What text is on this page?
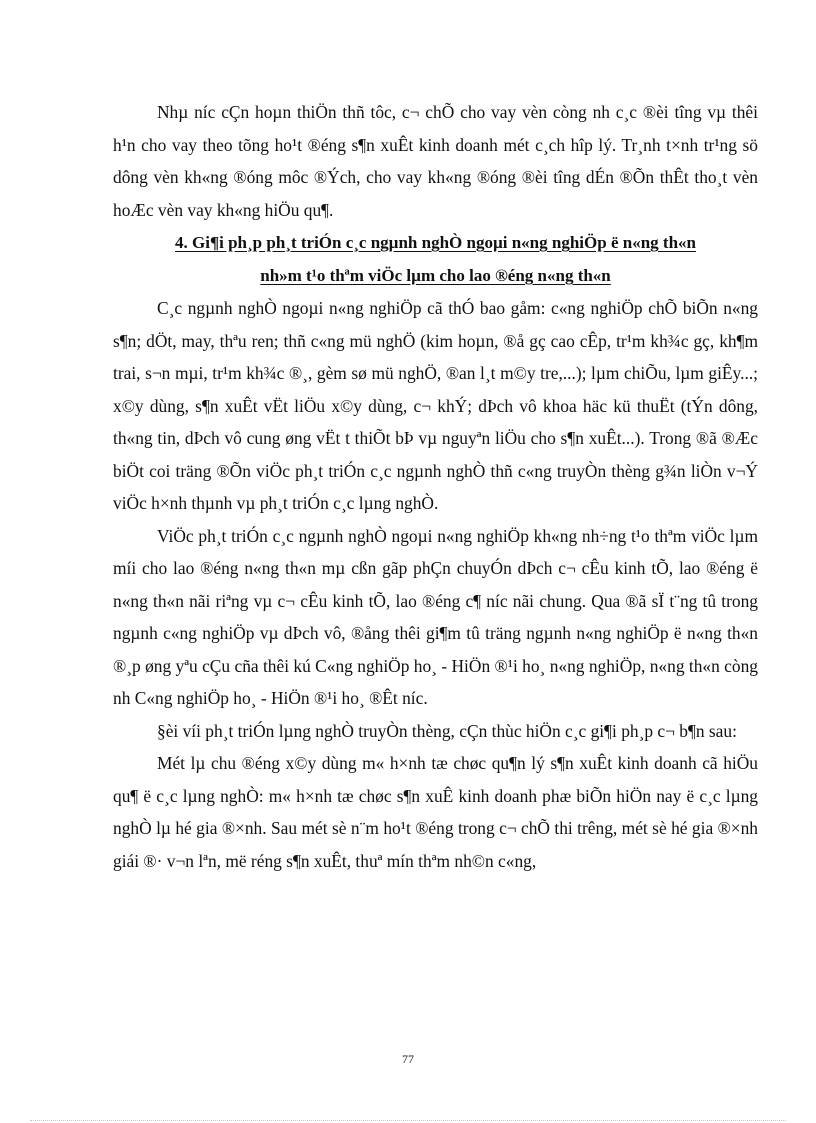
Nhµ níc cÇn hoµn thiÖn thñ tôc, c¬ chÕ cho vay vèn còng nh c¸c ®èi tîng vµ thêi h¹n cho vay theo tõng ho¹t ®éng s¶n xuÊt kinh doanh mét c¸ch hîp lý. Tr¸nh t×nh tr¹ng sö dông vèn kh«ng ®óng môc ®Ých, cho vay kh«ng ®óng ®èi tîng dÉn ®Õn thÊt tho¸t vèn hoÆc vèn vay kh«ng hiÖu qu¶.

4. Gi¶i ph¸p ph¸t triÓn c¸c ngµnh nghÒ ngoµi n«ng nghiÖp ë n«ng th«n
nh»m t¹o thªm viÖc lµm cho lao ®éng n«ng th«n

C¸c ngµnh nghÒ ngoµi n«ng nghiÖp cã thÓ bao gåm: c«ng nghiÖp chÕ biÕn n«ng s¶n; dÖt, may, thªu ren; thñ c«ng mü nghÖ (kim hoµn, ®å gç cao cÊp, tr¹m kh¾c gç, kh¶m trai, s¬n mµi, tr¹m kh¾c ®¸, gèm sø mü nghÖ, ®an l¸t m©y tre,...); lµm chiÕu, lµm giÊy...; x©y dùng, s¶n xuÊt vËt liÖu x©y dùng, c¬ khÝ; dÞch vô khoa häc kü thuËt (tÝn dông, th«ng tin, dÞch vô cung øng vËt t thiÕt bÞ vµ nguyªn liÖu cho s¶n xuÊt...). Trong ®ã ®Æc biÖt coi träng ®Õn viÖc ph¸t triÓn c¸c ngµnh nghÒ thñ c«ng truyÒn thèng g¾n liÒn v¬Ý viÖc h×nh thµnh vµ ph¸t triÓn c¸c lµng nghÒ.

ViÖc ph¸t triÓn c¸c ngµnh nghÒ ngoµi n«ng nghiÖp kh«ng nh÷ng t¹o thªm viÖc lµm míi cho lao ®éng n«ng th«n mµ cßn gãp phÇn chuyÓn dÞch c¬ cÊu kinh tÕ, lao ®éng ë n«ng th«n nãi riªng vµ c¬ cÊu kinh tÕ, lao ®éng c¶ níc nãi chung. Qua ®ã sÏ t¨ng tû trong ngµnh c«ng nghiÖp vµ dÞch vô, ®ång thêi gi¶m tû träng ngµnh n«ng nghiÖp ë n«ng th«n ®¸p øng yªu cÇu cña thêi kú C«ng nghiÖp ho¸ - HiÖn ®¹i ho¸ n«ng nghiÖp, n«ng th«n còng nh C«ng nghiÖp ho¸ - HiÖn ®¹i ho¸ ®Êt níc.

§èi víi ph¸t triÓn lµng nghÒ truyÒn thèng, cÇn thùc hiÖn c¸c gi¶i ph¸p c¬ b¶n sau:

Mét lµ chu ®éng x©y dùng m« h×nh tæ chøc qu¶n lý s¶n xuÊt kinh doanh cã hiÖu qu¶ ë c¸c lµng nghÒ: m« h×nh tæ chøc s¶n xuÊ kinh doanh phæ biÕn hiÖn nay ë c¸c lµng nghÒ lµ hé gia ®×nh. Sau mét sè n¨m ho¹t ®éng trong c¬ chÕ thi trêng, mét sè hé gia ®×nh giái ®· v¬n lªn, më réng s¶n xuÊt, thuª mín thªm nh©n c«ng,

77
